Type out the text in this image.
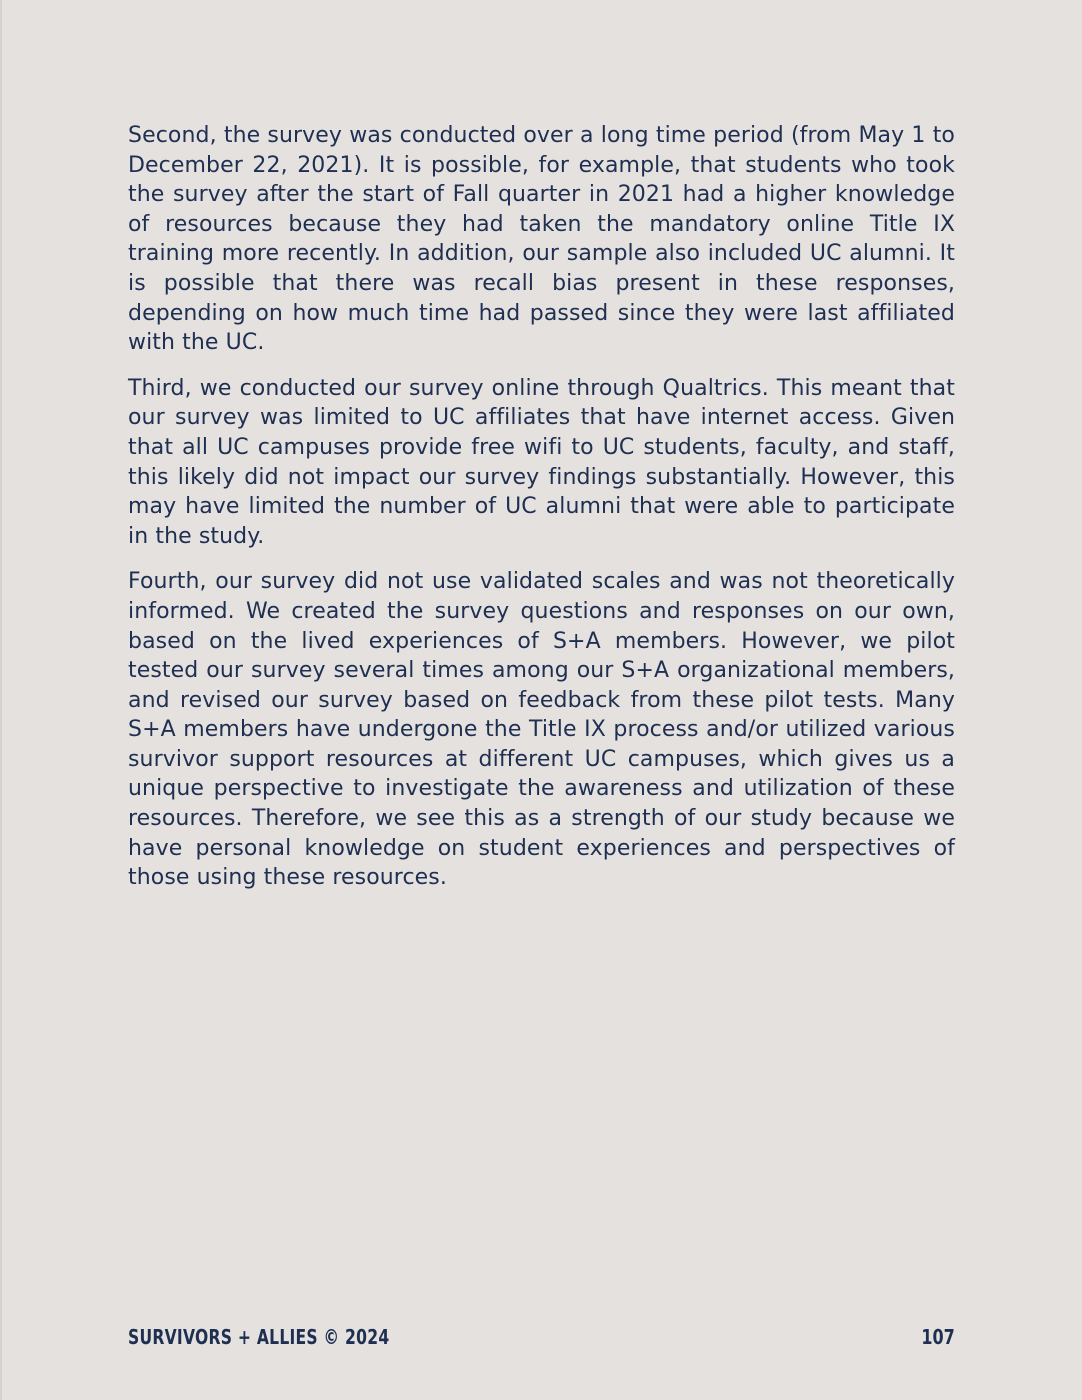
Second, the survey was conducted over a long time period (from May 1 to December 22, 2021). It is possible, for example, that students who took the survey after the start of Fall quarter in 2021 had a higher knowledge of resources because they had taken the mandatory online Title IX training more recently. In addition, our sample also included UC alumni. It is possible that there was recall bias present in these responses, depending on how much time had passed since they were last affiliated with the UC.

Third, we conducted our survey online through Qualtrics. This meant that our survey was limited to UC affiliates that have internet access. Given that all UC campuses provide free wifi to UC students, faculty, and staff, this likely did not impact our survey findings substantially. However, this may have limited the number of UC alumni that were able to participate in the study.

Fourth, our survey did not use validated scales and was not theoretically informed. We created the survey questions and responses on our own, based on the lived experiences of S+A members. However, we pilot tested our survey several times among our S+A organizational members, and revised our survey based on feedback from these pilot tests. Many S+A members have undergone the Title IX process and/or utilized various survivor support resources at different UC campuses, which gives us a unique perspective to investigate the awareness and utilization of these resources. Therefore, we see this as a strength of our study because we have personal knowledge on student experiences and perspectives of those using these resources.

SURVIVORS + ALLIES © 2024	107
